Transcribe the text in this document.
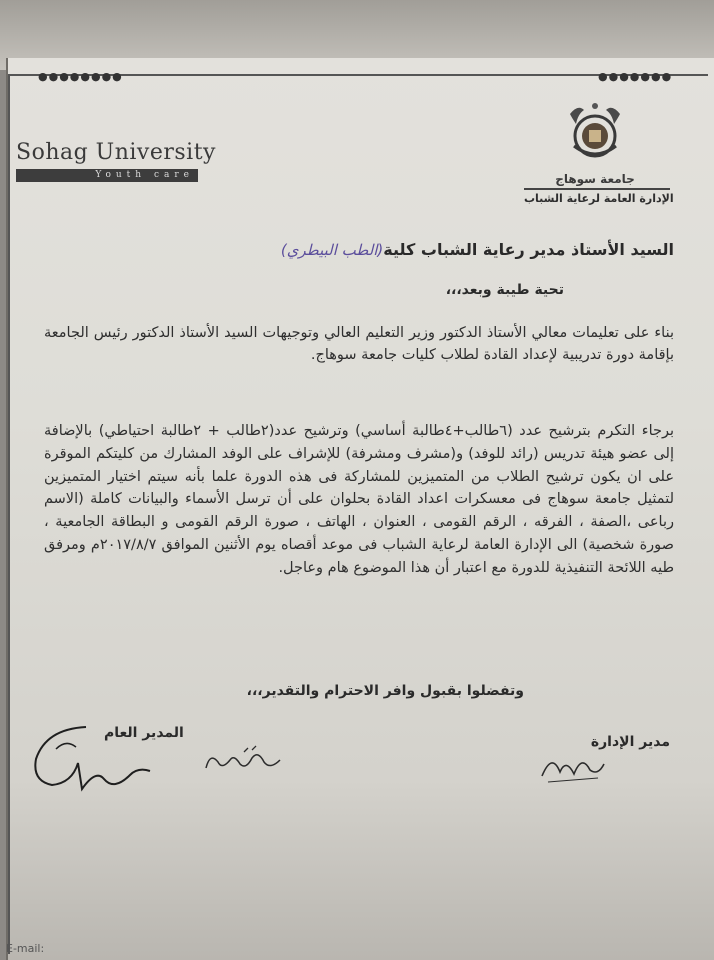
●●●●●●●●	●●●●●●●
Sohag University
Youth care	جامعة سوهاج
الإدارة العامة لرعاية الشباب
السيد الأستاذ مدير رعاية الشباب كلية(الطب البيطري)
تحية طيبة وبعد،،،
بناء على تعليمات معالي الأستاذ الدكتور وزير التعليم العالي وتوجيهات السيد الأستاذ الدكتور رئيس الجامعة بإقامة دورة تدريبية لإعداد القادة لطلاب كليات جامعة سوهاج.
برجاء التكرم بترشيح عدد (٦طالب+٤طالبة أساسي) وترشيح عدد(٢طالب + ٢طالبة احتياطي) بالإضافة إلى عضو هيئة تدريس (رائد للوفد) و(مشرف ومشرفة) للإشراف على الوفد المشارك من كليتكم الموقرة على ان يكون ترشيح الطلاب من المتميزين للمشاركة فى هذه الدورة علما بأنه سيتم اختيار المتميزين لتمثيل جامعة سوهاج فى معسكرات اعداد القادة بحلوان على أن ترسل الأسماء والبيانات كاملة (الاسم رباعى ،الصفة ، الفرقه ، الرقم القومى ، العنوان ، الهاتف ، صورة الرقم القومى و البطاقة الجامعية ، صورة شخصية) الى الإدارة العامة لرعاية الشباب فى موعد أقصاه يوم الأثنين الموافق ٢٠١٧/٨/٧م ومرفق طيه اللائحة التنفيذية للدورة مع اعتبار أن هذا الموضوع هام وعاجل.
وتفضلوا بقبول وافر الاحترام والتقدير،،،
مدير الإدارة
المدير العام
E-mail:
